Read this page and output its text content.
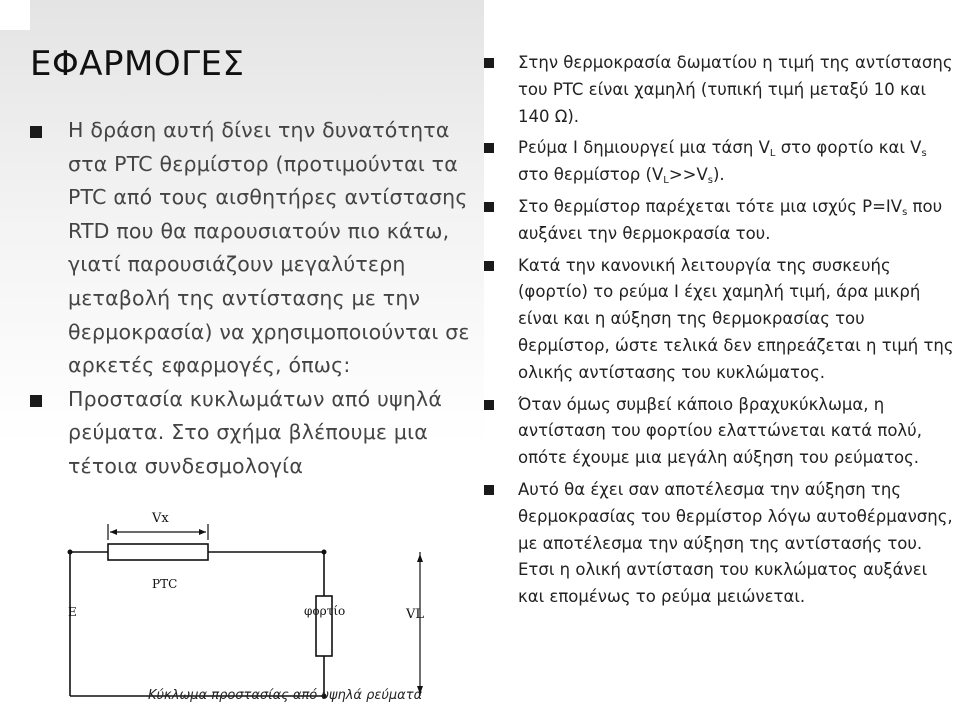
ΕΦΑΡΜΟΓΕΣ
Η δράση αυτή δίνει την δυνατότητα στα PTC θερμίστορ (προτιμούνται τα PTC από τους αισθητήρες αντίστασης RTD που θα παρουσιατούν πιο κάτω, γιατί παρουσιάζουν μεγαλύτερη μεταβολή της αντίστασης με την θερμοκρασία) να χρησιμοποιούνται σε αρκετές εφαρμογές, όπως:
Προστασία κυκλωμάτων από υψηλά ρεύματα. Στο σχήμα βλέπουμε μια τέτοια συνδεσμολογία
Στην θερμοκρασία δωματίου η τιμή της αντίστασης του PTC είναι χαμηλή (τυπική τιμή μεταξύ 10 και 140 Ω).
Ρεύμα I δημιουργεί μια τάση $V_L$ στο φορτίο και $V_s$ στο θερμίστορ $(V_L>>V_s)$.
Στο θερμίστορ παρέχεται τότε μια ισχύς $P=IV_s$ που αυξάνει την θερμοκρασία του.
Κατά την κανονική λειτουργία της συσκευής (φορτίο) το ρεύμα I έχει χαμηλή τιμή, άρα μικρή είναι και η αύξηση της θερμοκρασίας του θερμίστορ, ώστε τελικά δεν επηρεάζεται η τιμή της ολικής αντίστασης του κυκλώματος.
Όταν όμως συμβεί κάποιο βραχυκύκλωμα, η αντίσταση του φορτίου ελαττώνεται κατά πολύ, οπότε έχουμε μια μεγάλη αύξηση του ρεύματος.
Αυτό θα έχει σαν αποτέλεσμα την αύξηση της θερμοκρασίας του θερμίστορ λόγω αυτοθέρμανσης, με αποτέλεσμα την αύξηση της αντίστασής του. Ετσι η ολική αντίσταση του κυκλώματος αυξάνει και επομένως το ρεύμα μειώνεται.
Vx
PTC
E	φορτίο	VL
Κύκλωμα προστασίας από υψηλά ρεύματα
